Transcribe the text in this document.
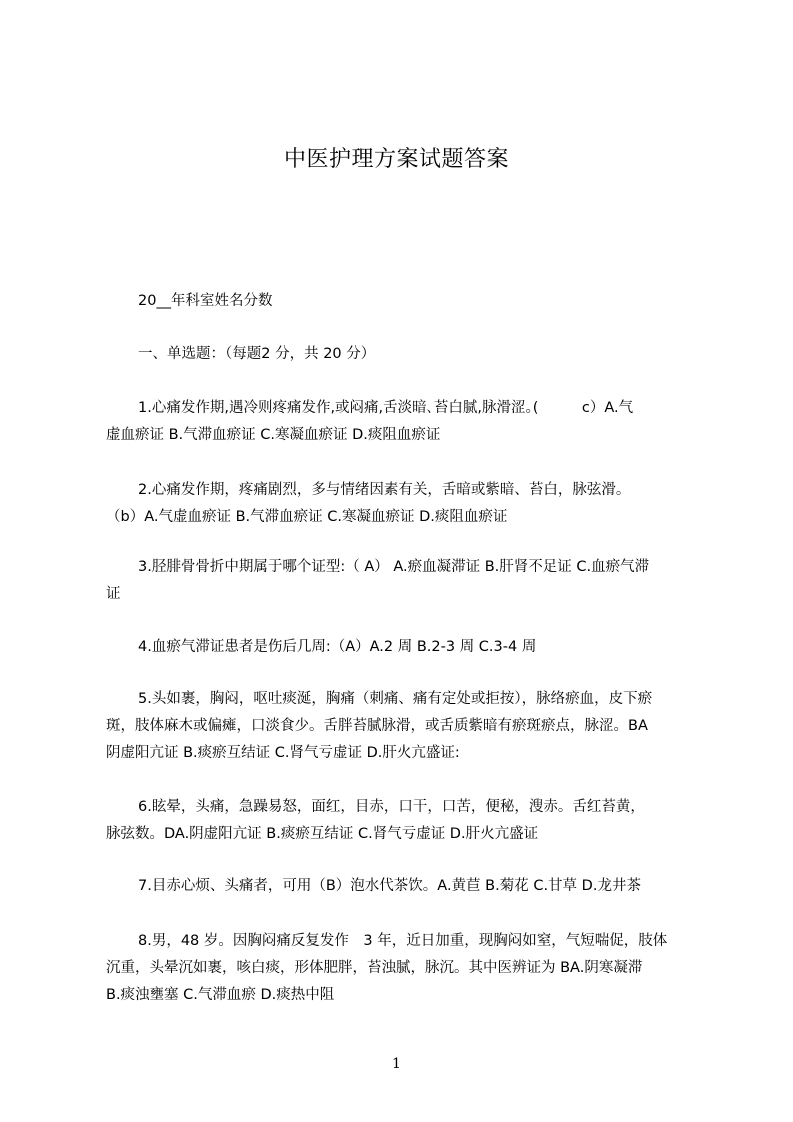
中医护理方案试题答案
20__年科室姓名分数
一、单选题：（每题2 分，共 20 分）
1.心痛发作期,遇冷则疼痛发作,或闷痛,舌淡暗､苔白腻,脉滑涩｡(　　　c）A.气
虚血瘀证 B.气滞血瘀证 C.寒凝血瘀证 D.痰阻血瘀证
2.心痛发作期，疼痛剧烈，多与情绪因素有关，舌暗或紫暗、苔白，脉弦滑。
（b）A.气虚血瘀证 B.气滞血瘀证 C.寒凝血瘀证 D.痰阻血瘀证
3.胫腓骨骨折中期属于哪个证型:（ A） A.瘀血凝滞证 B.肝肾不足证 C.血瘀气滞
证
4.血瘀气滞证患者是伤后几周:（A）A.2 周 B.2-3 周 C.3-4 周
5.头如裹，胸闷，呕吐痰涎，胸痛（刺痛、痛有定处或拒按），脉络瘀血，皮下瘀
斑，肢体麻木或偏瘫，口淡食少。舌胖苔腻脉滑，或舌质紫暗有瘀斑瘀点，脉涩。BA
阴虚阳亢证 B.痰瘀互结证 C.肾气亏虚证 D.肝火亢盛证:
6.眩晕，头痛，急躁易怒，面红，目赤，口干，口苦，便秘，溲赤。舌红苔黄，
脉弦数。DA.阴虚阳亢证 B.痰瘀互结证 C.肾气亏虚证 D.肝火亢盛证
7.目赤心烦、头痛者，可用（B）泡水代茶饮。A.黄苣 B.菊花 C.甘草 D.龙井茶
8.男，48 岁。因胸闷痛反复发作　3 年，近日加重，现胸闷如窒，气短喘促，肢体
沉重，头晕沉如裹，咳白痰，形体肥胖，苔浊腻，脉沉。其中医辨证为 BA.阴寒凝滞
B.痰浊壅塞 C.气滞血瘀 D.痰热中阻
1
